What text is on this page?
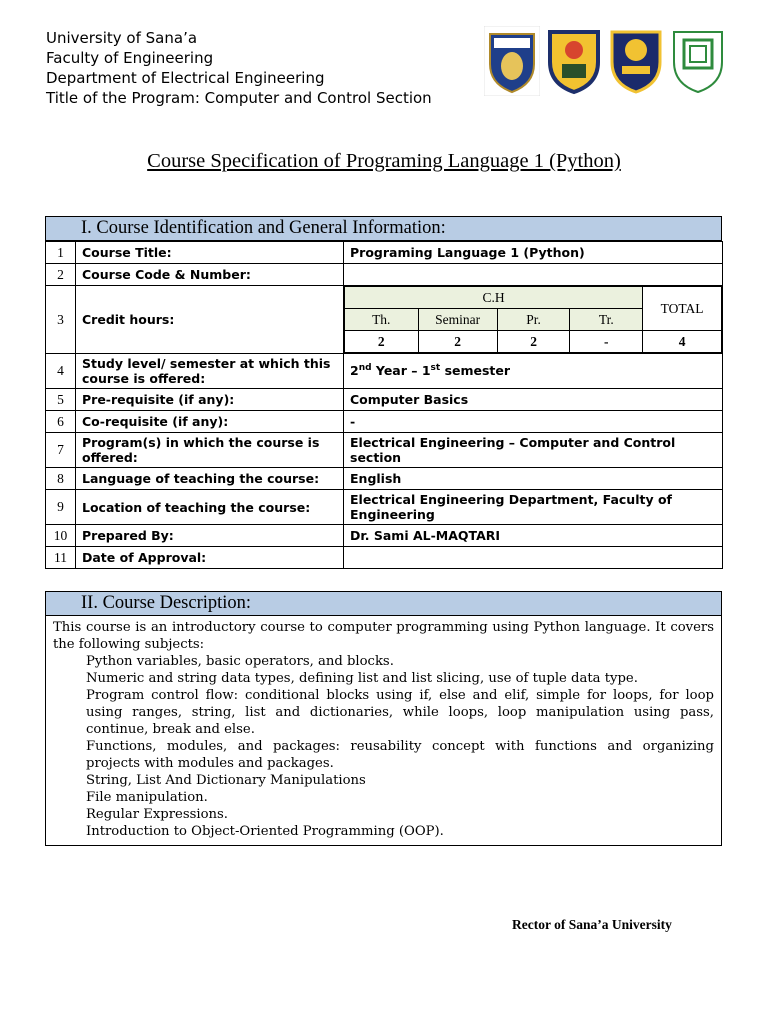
University of Sana’a
Faculty of Engineering
Department of Electrical Engineering
Title of the Program: Computer and Control Section
Course Specification of Programing Language 1 (Python)
I. Course Identification and General Information:
1	Course Title:	Programing Language 1 (Python)
2	Course Code & Number:	
3	Credit hours:	
C.H	TOTAL
Th.	Seminar	Pr.	Tr.
2	2	2	-	4

4	Study level/ semester at which this course is offered:	2nd Year – 1st semester
5	Pre-requisite (if any):	Computer Basics
6	Co-requisite (if any):	-
7	Program(s) in which the course is offered:	Electrical Engineering – Computer and Control section
8	Language of teaching the course:	English
9	Location of teaching the course:	Electrical Engineering Department, Faculty of Engineering
10	Prepared By:	Dr. Sami AL-MAQTARI
11	Date of Approval:	
II. Course Description:
This course is an introductory course to computer programming using Python language. It covers the following subjects:
Python variables, basic operators, and blocks.
Numeric and string data types, defining list and list slicing, use of tuple data type.
Program control flow: conditional blocks using if, else and elif, simple for loops, for loop using ranges, string, list and dictionaries, while loops, loop manipulation using pass, continue, break and else.
Functions, modules, and packages: reusability concept with functions and organizing projects with modules and packages.
String, List And Dictionary Manipulations
File manipulation.
Regular Expressions.
Introduction to Object-Oriented Programming (OOP).
Rector of Sana’a University
